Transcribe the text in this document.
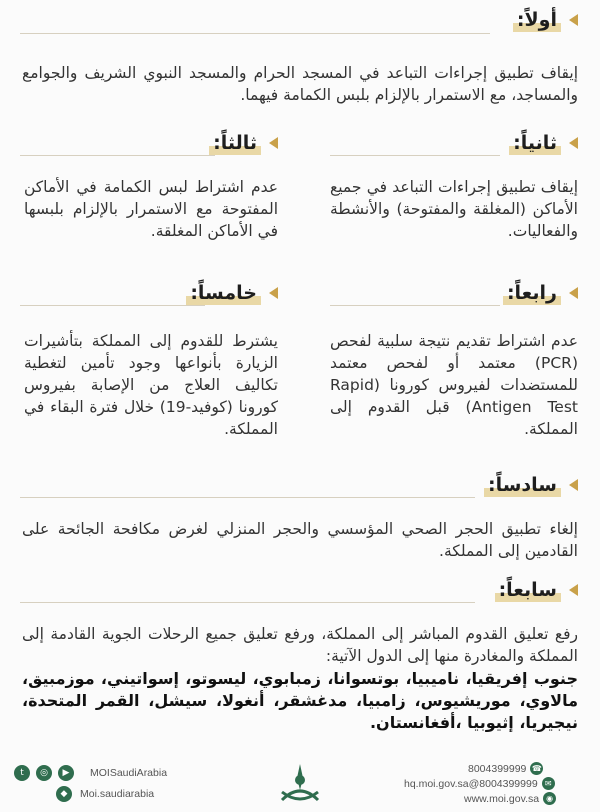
أولاً:
إيقاف تطبيق إجراءات التباعد في المسجد الحرام والمسجد النبوي الشريف والجوامع والمساجد، مع الاستمرار بالإلزام بلبس الكمامة فيهما.
ثانياً:
إيقاف تطبيق إجراءات التباعد في جميع الأماكن (المغلقة والمفتوحة) والأنشطة والفعاليات.
ثالثاً:
عدم اشتراط لبس الكمامة في الأماكن المفتوحة مع الاستمرار بالإلزام بلبسها في الأماكن المغلقة.
رابعاً:
عدم اشتراط تقديم نتيجة سلبية لفحص (PCR) معتمد أو لفحص معتمد للمستضدات لفيروس كورونا (Rapid Antigen Test) قبل القدوم إلى المملكة.
خامساً:
يشترط للقدوم إلى المملكة بتأشيرات الزيارة بأنواعها وجود تأمين لتغطية تكاليف العلاج من الإصابة بفيروس كورونا (كوفيد-19) خلال فترة البقاء في المملكة.
سادساً:
إلغاء تطبيق الحجر الصحي المؤسسي والحجر المنزلي لغرض مكافحة الجائحة على القادمين إلى المملكة.
سابعاً:
رفع تعليق القدوم المباشر إلى المملكة، ورفع تعليق جميع الرحلات الجوية القادمة إلى المملكة والمغادرة منها إلى الدول الآتية:
جنوب إفريقيا، ناميبيا، بوتسوانا، زمبابوي، ليسوتو، إسواتيني، موزمبيق، مالاوي، موريشيوس، زامبيا، مدغشقر، أنغولا، سيشل، القمر المتحدة، نيجيريا، إثيوبيا ،أفغانستان.
t	◎	▶
◆
MOISaudiArabia
Moi.saudiarabia
☎
8004399999
✉
8004399999@hq.moi.gov.sa
◉
www.moi.gov.sa
